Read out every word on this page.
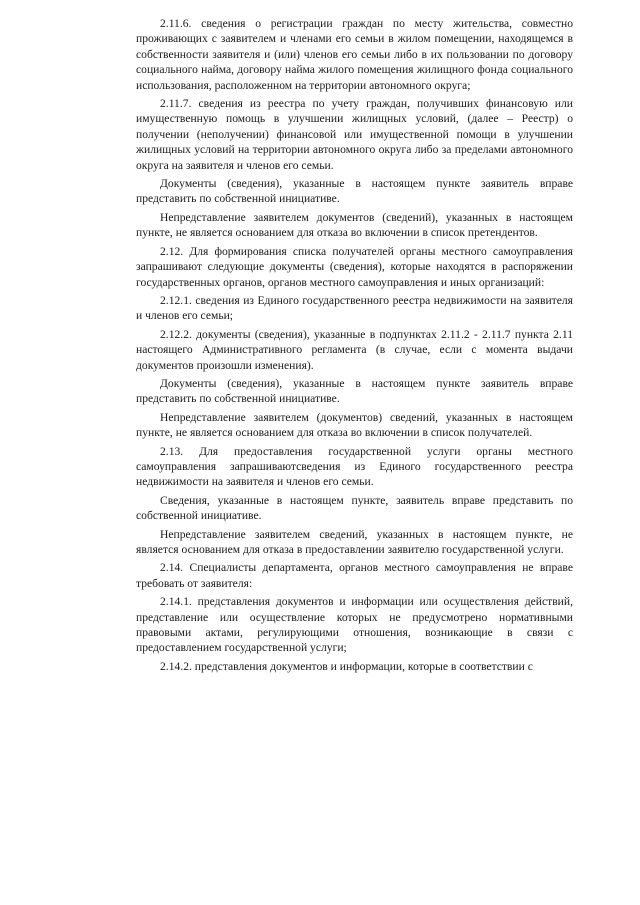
2.11.6. сведения о регистрации граждан по месту жительства, совместно проживающих с заявителем и членами его семьи в жилом помещении, находящемся в собственности заявителя и (или) членов его семьи либо в их пользовании по договору социального найма, договору найма жилого помещения жилищного фонда социального использования, расположенном на территории автономного округа;

2.11.7. сведения из реестра по учету граждан, получивших финансовую или имущественную помощь в улучшении жилищных условий, (далее – Реестр) о получении (неполучении) финансовой или имущественной помощи в улучшении жилищных условий на территории автономного округа либо за пределами автономного округа на заявителя и членов его семьи.

Документы (сведения), указанные в настоящем пункте заявитель вправе представить по собственной инициативе.

Непредставление заявителем документов (сведений), указанных в настоящем пункте, не является основанием для отказа во включении в список претендентов.

2.12. Для формирования списка получателей органы местного самоуправления запрашивают следующие документы (сведения), которые находятся в распоряжении государственных органов, органов местного самоуправления и иных организаций:

2.12.1. сведения из Единого государственного реестра недвижимости на заявителя и членов его семьи;

2.12.2. документы (сведения), указанные в подпунктах 2.11.2 - 2.11.7 пункта 2.11 настоящего Административного регламента (в случае, если с момента выдачи документов произошли изменения).

Документы (сведения), указанные в настоящем пункте заявитель вправе представить по собственной инициативе.

Непредставление заявителем (документов) сведений, указанных в настоящем пункте, не является основанием для отказа во включении в список получателей.

2.13. Для предоставления государственной услуги органы местного самоуправления запрашиваютсведения из Единого государственного реестра недвижимости на заявителя и членов его семьи.

Сведения, указанные в настоящем пункте, заявитель вправе представить по собственной инициативе.

Непредставление заявителем сведений, указанных в настоящем пункте, не является основанием для отказа в предоставлении заявителю государственной услуги.

2.14. Специалисты департамента, органов местного самоуправления не вправе требовать от заявителя:

2.14.1. представления документов и информации или осуществления действий, представление или осуществление которых не предусмотрено нормативными правовыми актами, регулирующими отношения, возникающие в связи с предоставлением государственной услуги;

2.14.2. представления документов и информации, которые в соответствии с
